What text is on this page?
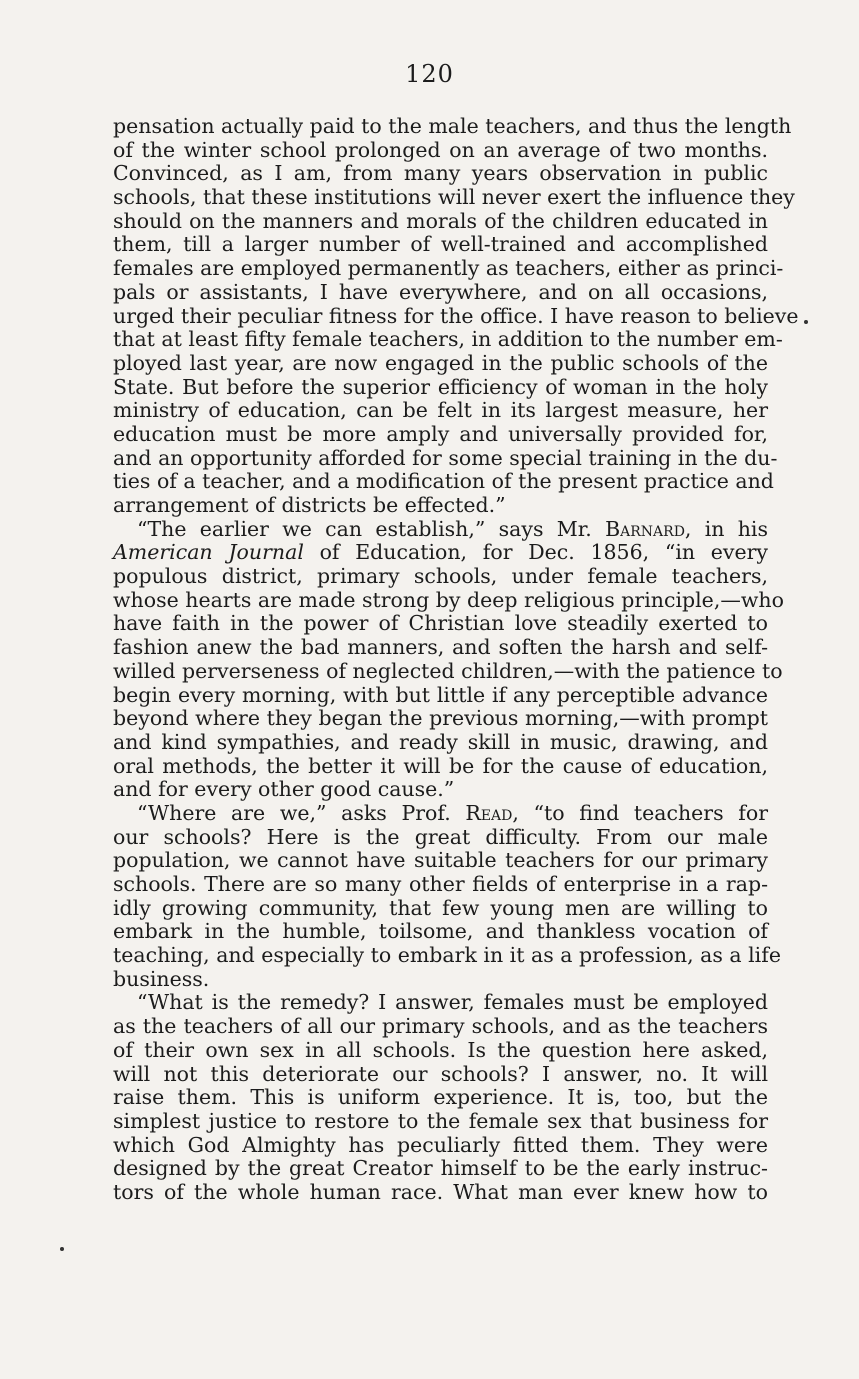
120
pensation actually paid to the male teachers, and thus the length
of the winter school prolonged on an average of two months.
Convinced, as I am, from many years observation in public
schools, that these institutions will never exert the influence they
should on the manners and morals of the children educated in
them, till a larger number of well-trained and accomplished
females are employed permanently as teachers, either as princi-
pals or assistants, I have everywhere, and on all occasions,
urged their peculiar fitness for the office. I have reason to believe
that at least fifty female teachers, in addition to the number em-
ployed last year, are now engaged in the public schools of the
State. But before the superior efficiency of woman in the holy
ministry of education, can be felt in its largest measure, her
education must be more amply and universally provided for,
and an opportunity afforded for some special training in the du-
ties of a teacher, and a modification of the present practice and
arrangement of districts be effected.”
“The earlier we can establish,” says Mr. Barnard, in his
American Journal of Education, for Dec. 1856, “in every
populous district, primary schools, under female teachers,
whose hearts are made strong by deep religious principle,—who
have faith in the power of Christian love steadily exerted to
fashion anew the bad manners, and soften the harsh and self-
willed perverseness of neglected children,—with the patience to
begin every morning, with but little if any perceptible advance
beyond where they began the previous morning,—with prompt
and kind sympathies, and ready skill in music, drawing, and
oral methods, the better it will be for the cause of education,
and for every other good cause.”
“Where are we,” asks Prof. Read, “to find teachers for
our schools? Here is the great difficulty. From our male
population, we cannot have suitable teachers for our primary
schools. There are so many other fields of enterprise in a rap-
idly growing community, that few young men are willing to
embark in the humble, toilsome, and thankless vocation of
teaching, and especially to embark in it as a profession, as a life
business.
“What is the remedy? I answer, females must be employed
as the teachers of all our primary schools, and as the teachers
of their own sex in all schools. Is the question here asked,
will not this deteriorate our schools? I answer, no. It will
raise them. This is uniform experience. It is, too, but the
simplest justice to restore to the female sex that business for
which God Almighty has peculiarly fitted them. They were
designed by the great Creator himself to be the early instruc-
tors of the whole human race. What man ever knew how to
